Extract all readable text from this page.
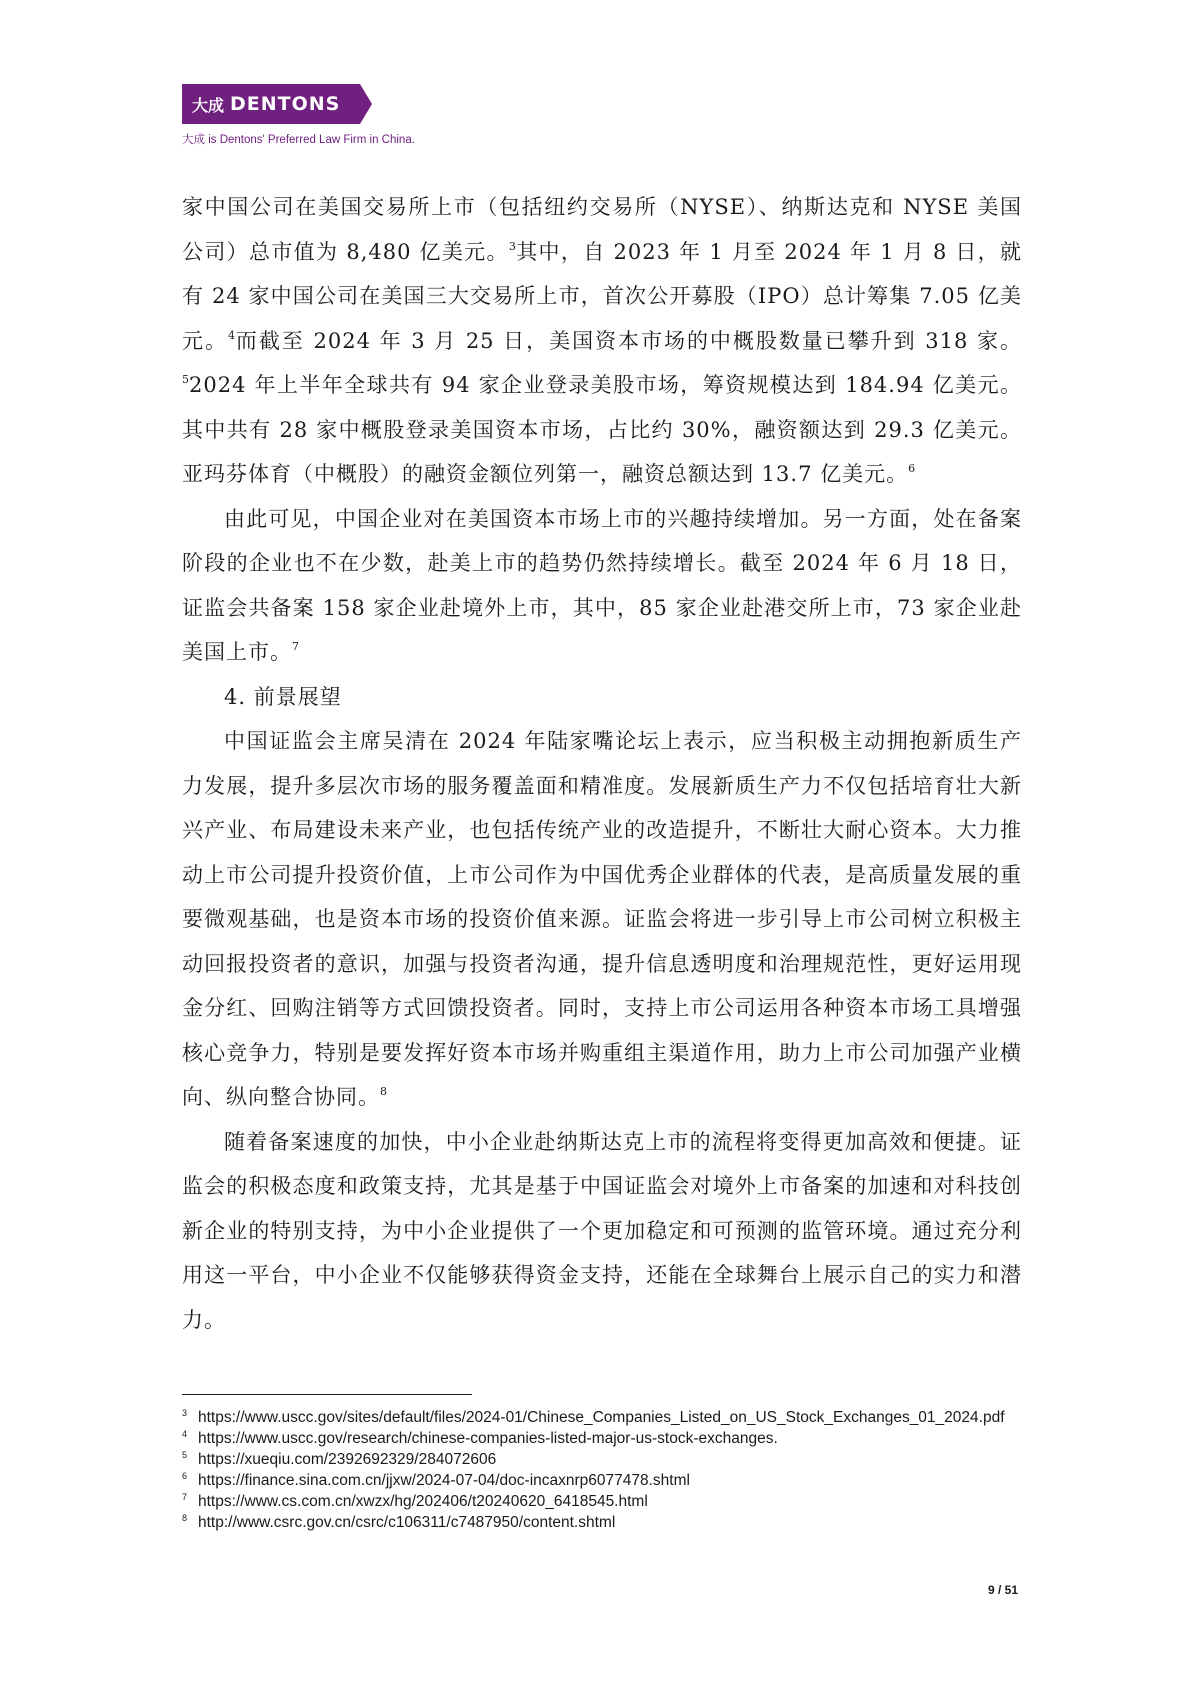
大成 DENTONS
大成 is Dentons' Preferred Law Firm in China.

家中国公司在美国交易所上市（包括纽约交易所（NYSE）、纳斯达克和 NYSE 美国公司）总市值为 8,480 亿美元。$^3$其中，自 2023 年 1 月至 2024 年 1 月 8 日，就有 24 家中国公司在美国三大交易所上市，首次公开募股（IPO）总计筹集 7.05 亿美元。$^4$而截至 2024 年 3 月 25 日，美国资本市场的中概股数量已攀升到 318 家。$^5$2024 年上半年全球共有 94 家企业登录美股市场，筹资规模达到 184.94 亿美元。其中共有 28 家中概股登录美国资本市场，占比约 30%，融资额达到 29.3 亿美元。亚玛芬体育（中概股）的融资金额位列第一，融资总额达到 13.7 亿美元。$^6$

由此可见，中国企业对在美国资本市场上市的兴趣持续增加。另一方面，处在备案阶段的企业也不在少数，赴美上市的趋势仍然持续增长。截至 2024 年 6 月 18 日，证监会共备案 158 家企业赴境外上市，其中，85 家企业赴港交所上市，73 家企业赴美国上市。$^7$

4. 前景展望

中国证监会主席吴清在 2024 年陆家嘴论坛上表示，应当积极主动拥抱新质生产力发展，提升多层次市场的服务覆盖面和精准度。发展新质生产力不仅包括培育壮大新兴产业、布局建设未来产业，也包括传统产业的改造提升，不断壮大耐心资本。大力推动上市公司提升投资价值，上市公司作为中国优秀企业群体的代表，是高质量发展的重要微观基础，也是资本市场的投资价值来源。证监会将进一步引导上市公司树立积极主动回报投资者的意识，加强与投资者沟通，提升信息透明度和治理规范性，更好运用现金分红、回购注销等方式回馈投资者。同时，支持上市公司运用各种资本市场工具增强核心竞争力，特别是要发挥好资本市场并购重组主渠道作用，助力上市公司加强产业横向、纵向整合协同。$^8$

随着备案速度的加快，中小企业赴纳斯达克上市的流程将变得更加高效和便捷。证监会的积极态度和政策支持，尤其是基于中国证监会对境外上市备案的加速和对科技创新企业的特别支持，为中小企业提供了一个更加稳定和可预测的监管环境。通过充分利用这一平台，中小企业不仅能够获得资金支持，还能在全球舞台上展示自己的实力和潜力。

3 https://www.uscc.gov/sites/default/files/2024-01/Chinese_Companies_Listed_on_US_Stock_Exchanges_01_2024.pdf
4 https://www.uscc.gov/research/chinese-companies-listed-major-us-stock-exchanges.
5 https://xueqiu.com/2392692329/284072606
6 https://finance.sina.com.cn/jjxw/2024-07-04/doc-incaxnrp6077478.shtml
7 https://www.cs.com.cn/xwzx/hg/202406/t20240620_6418545.html
8 http://www.csrc.gov.cn/csrc/c106311/c7487950/content.shtml
9 / 51
